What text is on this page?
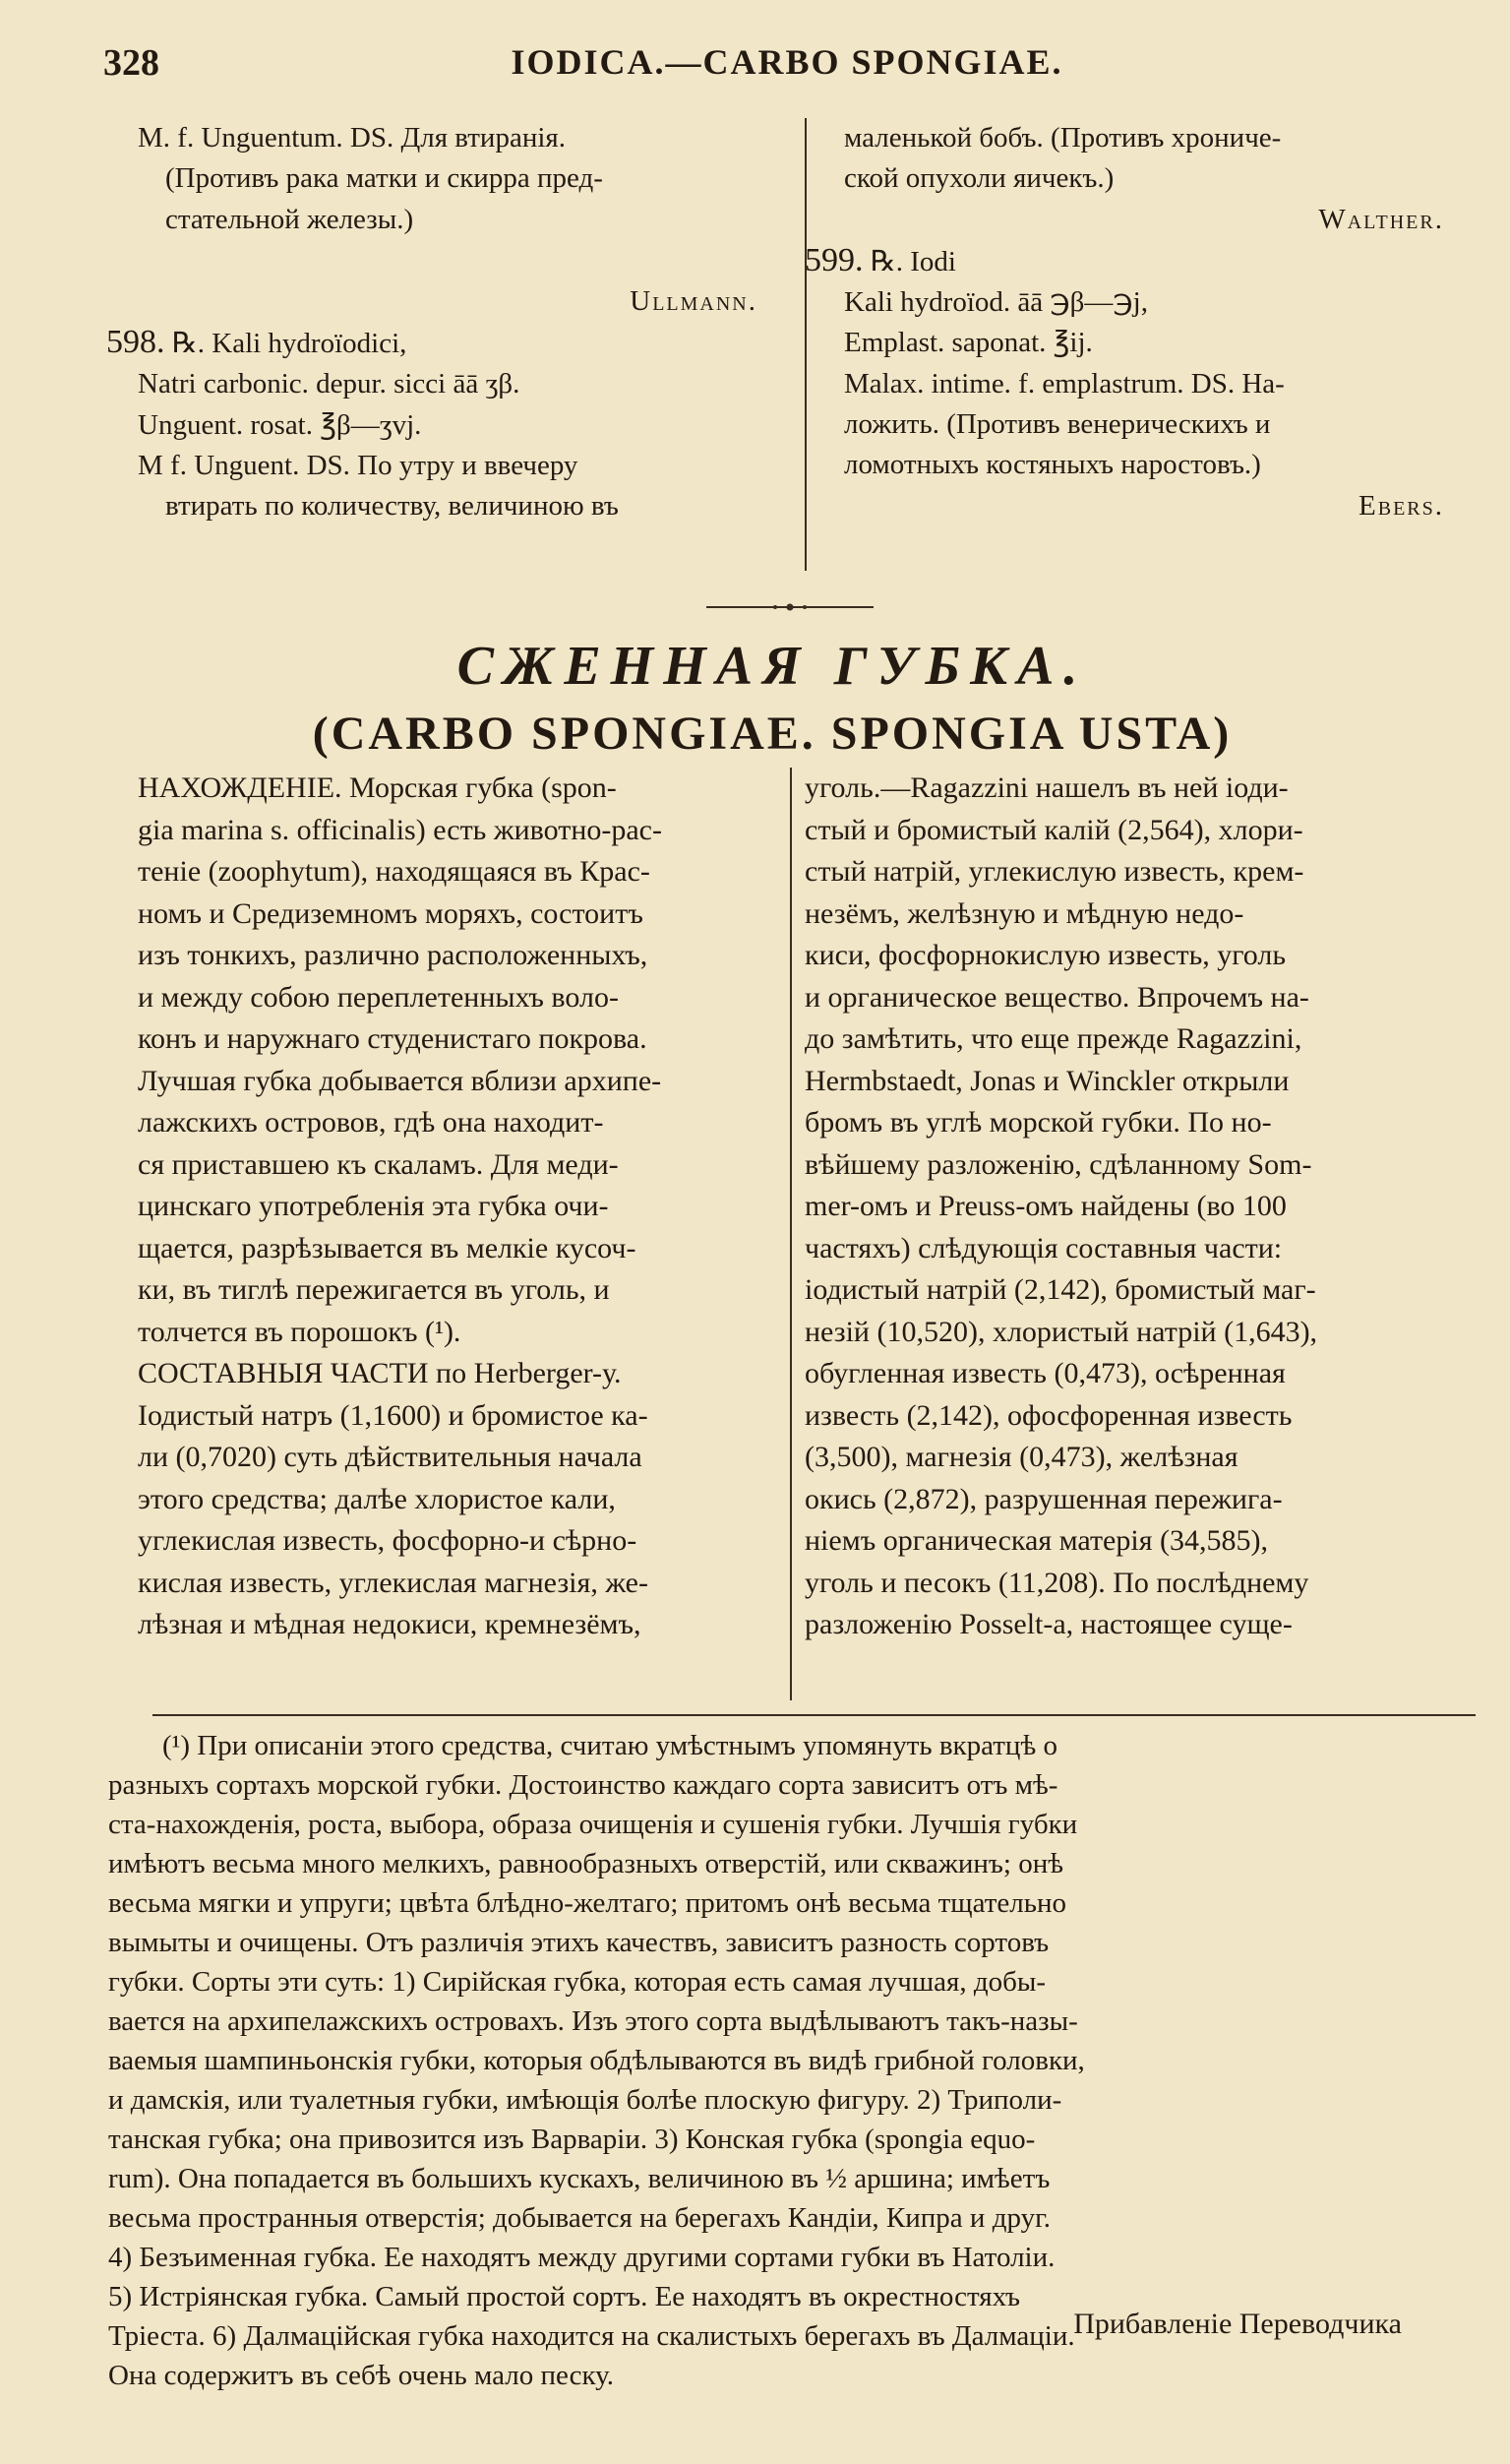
328	IODICA.—CARBO SPONGIAE.
M. f. Unguentum. DS. Для втиранія.
(Противъ рака матки и скирра пред-
стательной железы.)
Ullmann.
598. ℞. Kali hydroïodici,
Natri carbonic. depur. sicci āā ʒβ.
Unguent. rosat. ℥β—ʒvj.
M f. Unguent. DS. По утру и ввечеру
втирать по количеству, величиною въ
маленькой бобъ. (Противъ хрониче-
ской опухоли яичекъ.)
Walther.
599. ℞. Iodi
Kali hydroïod. āā ℈β—℈j,
Emplast. saponat. ℥ij.
Malax. intime. f. emplastrum. DS. На-
ложить. (Противъ венерическихъ и
ломотныхъ костяныхъ наростовъ.)
Ebers.
СЖЕННАЯ ГУБКА.
(CARBO SPONGIAE. SPONGIA USTA)
НАХОЖДЕНІЕ. Морская губка (spon-
gia marina s. officinalis) есть животно-рас-
теніе (zoophytum), находящаяся въ Крас-
номъ и Средиземномъ моряхъ, состоитъ
изъ тонкихъ, различно расположенныхъ,
и между собою переплетенныхъ воло-
конъ и наружнаго студенистаго покрова.
Лучшая губка добывается вблизи архипе-
лажскихъ островов, гдѣ она находит-
ся приставшею къ скаламъ. Для меди-
цинскаго употребленія эта губка очи-
щается, разрѣзывается въ мелкіе кусоч-
ки, въ тиглѣ пережигается въ уголь, и
толчется въ порошокъ (¹).
СОСТАВНЫЯ ЧАСТИ по Herberger-у.
Іодистый натръ (1,1600) и бромистое ка-
ли (0,7020) суть дѣйствительныя начала
этого средства; далѣе хлористое кали,
углекислая известь, фосфорно-и сѣрно-
кислая известь, углекислая магнезія, же-
лѣзная и мѣдная недокиси, кремнезёмъ,
уголь.—Ragazzini нашелъ въ ней іоди-
стый и бромистый калій (2,564), хлори-
стый натрій, углекислую известь, крем-
незёмъ, желѣзную и мѣдную недо-
киси, фосфорнокислую известь, уголь
и органическое вещество. Впрочемъ на-
до замѣтить, что еще прежде Ragazzini,
Hermbstaedt, Jonas и Winckler открыли
бромъ въ углѣ морской губки. По но-
вѣйшему разложенію, сдѣланному Som-
mer-омъ и Preuss-омъ найдены (во 100
частяхъ) слѣдующія составныя части:
іодистый натрій (2,142), бромистый маг-
незій (10,520), хлористый натрій (1,643),
обугленная известь (0,473), осѣренная
известь (2,142), офосфоренная известь
(3,500), магнезія (0,473), желѣзная
окись (2,872), разрушенная пережига-
ніемъ органическая матерія (34,585),
уголь и песокъ (11,208). По послѣднему
разложенію Posselt-a, настоящее суще-
(¹) При описаніи этого средства, считаю умѣстнымъ упомянуть вкратцѣ о
разныхъ сортахъ морской губки. Достоинство каждаго сорта зависитъ отъ мѣ-
ста-нахожденія, роста, выбора, образа очищенія и сушенія губки. Лучшія губки
имѣютъ весьма много мелкихъ, равнообразныхъ отверстій, или скважинъ; онѣ
весьма мягки и упруги; цвѣта блѣдно-желтаго; притомъ онѣ весьма тщательно
вымыты и очищены. Отъ различія этихъ качествъ, зависитъ разность сортовъ
губки. Сорты эти суть: 1) Сирійская губка, которая есть самая лучшая, добы-
вается на архипелажскихъ островахъ. Изъ этого сорта выдѣлываютъ такъ-назы-
ваемыя шампиньонскія губки, которыя обдѣлываются въ видѣ грибной головки,
и дамскія, или туалетныя губки, имѣющія болѣе плоскую фигуру. 2) Триполи-
танская губка; она привозится изъ Варваріи. 3) Конская губка (spongia equo-
rum). Она попадается въ большихъ кускахъ, величиною въ ½ аршина; имѣетъ
весьма пространныя отверстія; добывается на берегахъ Кандіи, Кипра и друг.
4) Безъименная губка. Ее находятъ между другими сортами губки въ Натоліи.
5) Истріянская губка. Самый простой сортъ. Ее находятъ въ окрестностяхъ
Тріеста. 6) Далмацiйская губка находится на скалистыхъ берегахъ въ Далмаціи.
Она содержитъ въ себѣ очень мало песку.
Прибавленіе Переводчика
